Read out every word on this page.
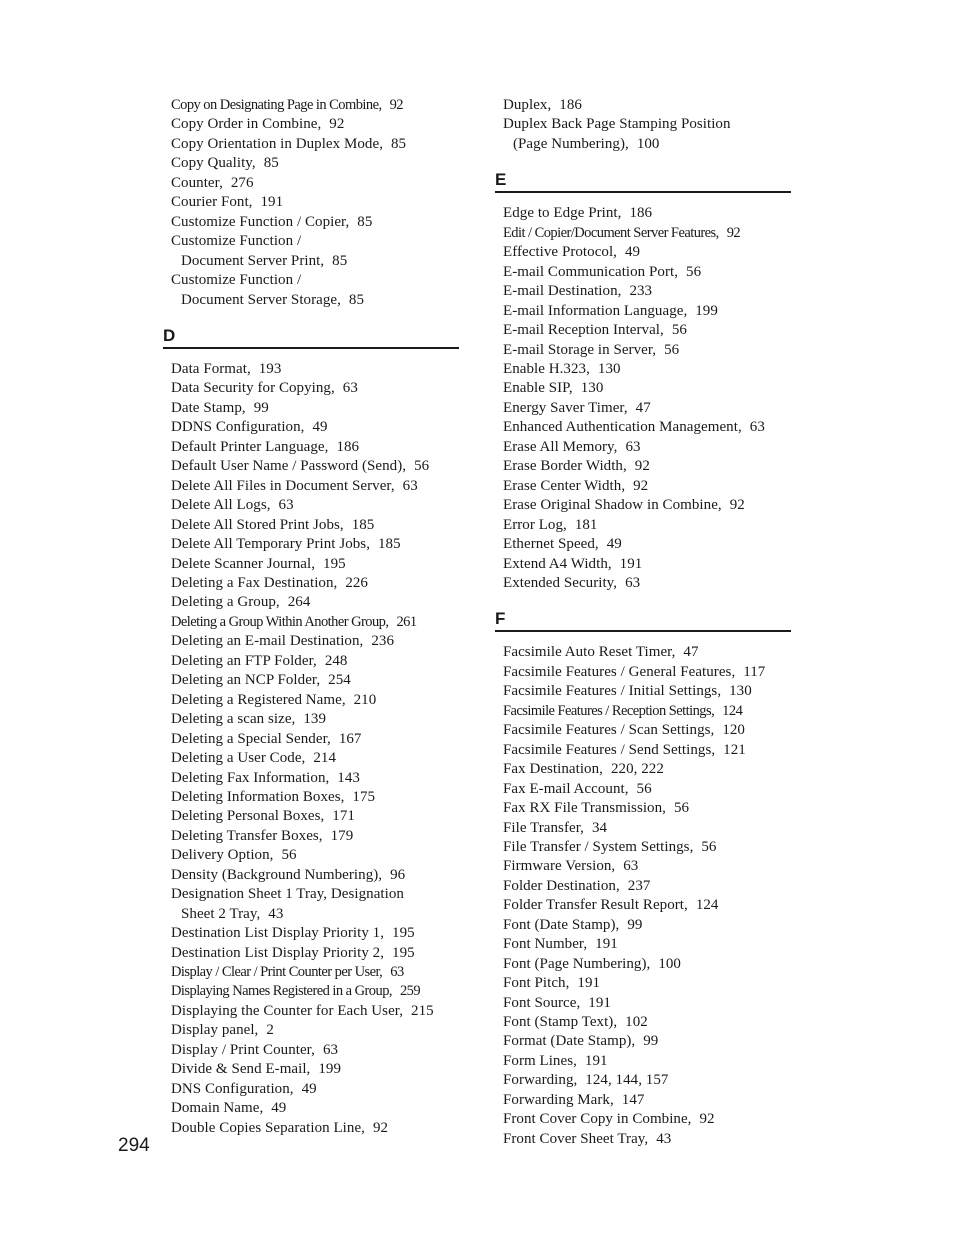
Copy on Designating Page in Combine, 92
Copy Order in Combine, 92
Copy Orientation in Duplex Mode, 85
Copy Quality, 85
Counter, 276
Courier Font, 191
Customize Function / Copier, 85
Customize Function /
Document Server Print, 85
Customize Function /
Document Server Storage, 85
D
Data Format, 193
Data Security for Copying, 63
Date Stamp, 99
DDNS Configuration, 49
Default Printer Language, 186
Default User Name / Password (Send), 56
Delete All Files in Document Server, 63
Delete All Logs, 63
Delete All Stored Print Jobs, 185
Delete All Temporary Print Jobs, 185
Delete Scanner Journal, 195
Deleting a Fax Destination, 226
Deleting a Group, 264
Deleting a Group Within Another Group, 261
Deleting an E-mail Destination, 236
Deleting an FTP Folder, 248
Deleting an NCP Folder, 254
Deleting a Registered Name, 210
Deleting a scan size, 139
Deleting a Special Sender, 167
Deleting a User Code, 214
Deleting Fax Information, 143
Deleting Information Boxes, 175
Deleting Personal Boxes, 171
Deleting Transfer Boxes, 179
Delivery Option, 56
Density (Background Numbering), 96
Designation Sheet 1 Tray, Designation
Sheet 2 Tray, 43
Destination List Display Priority 1, 195
Destination List Display Priority 2, 195
Display / Clear / Print Counter per User, 63
Displaying Names Registered in a Group, 259
Displaying the Counter for Each User, 215
Display panel, 2
Display / Print Counter, 63
Divide & Send E-mail, 199
DNS Configuration, 49
Domain Name, 49
Double Copies Separation Line, 92
Duplex, 186
Duplex Back Page Stamping Position
(Page Numbering), 100
E
Edge to Edge Print, 186
Edit / Copier/Document Server Features, 92
Effective Protocol, 49
E-mail Communication Port, 56
E-mail Destination, 233
E-mail Information Language, 199
E-mail Reception Interval, 56
E-mail Storage in Server, 56
Enable H.323, 130
Enable SIP, 130
Energy Saver Timer, 47
Enhanced Authentication Management, 63
Erase All Memory, 63
Erase Border Width, 92
Erase Center Width, 92
Erase Original Shadow in Combine, 92
Error Log, 181
Ethernet Speed, 49
Extend A4 Width, 191
Extended Security, 63
F
Facsimile Auto Reset Timer, 47
Facsimile Features / General Features, 117
Facsimile Features / Initial Settings, 130
Facsimile Features / Reception Settings, 124
Facsimile Features / Scan Settings, 120
Facsimile Features / Send Settings, 121
Fax Destination, 220, 222
Fax E-mail Account, 56
Fax RX File Transmission, 56
File Transfer, 34
File Transfer / System Settings, 56
Firmware Version, 63
Folder Destination, 237
Folder Transfer Result Report, 124
Font (Date Stamp), 99
Font Number, 191
Font (Page Numbering), 100
Font Pitch, 191
Font Source, 191
Font (Stamp Text), 102
Format (Date Stamp), 99
Form Lines, 191
Forwarding, 124, 144, 157
Forwarding Mark, 147
Front Cover Copy in Combine, 92
Front Cover Sheet Tray, 43
294
